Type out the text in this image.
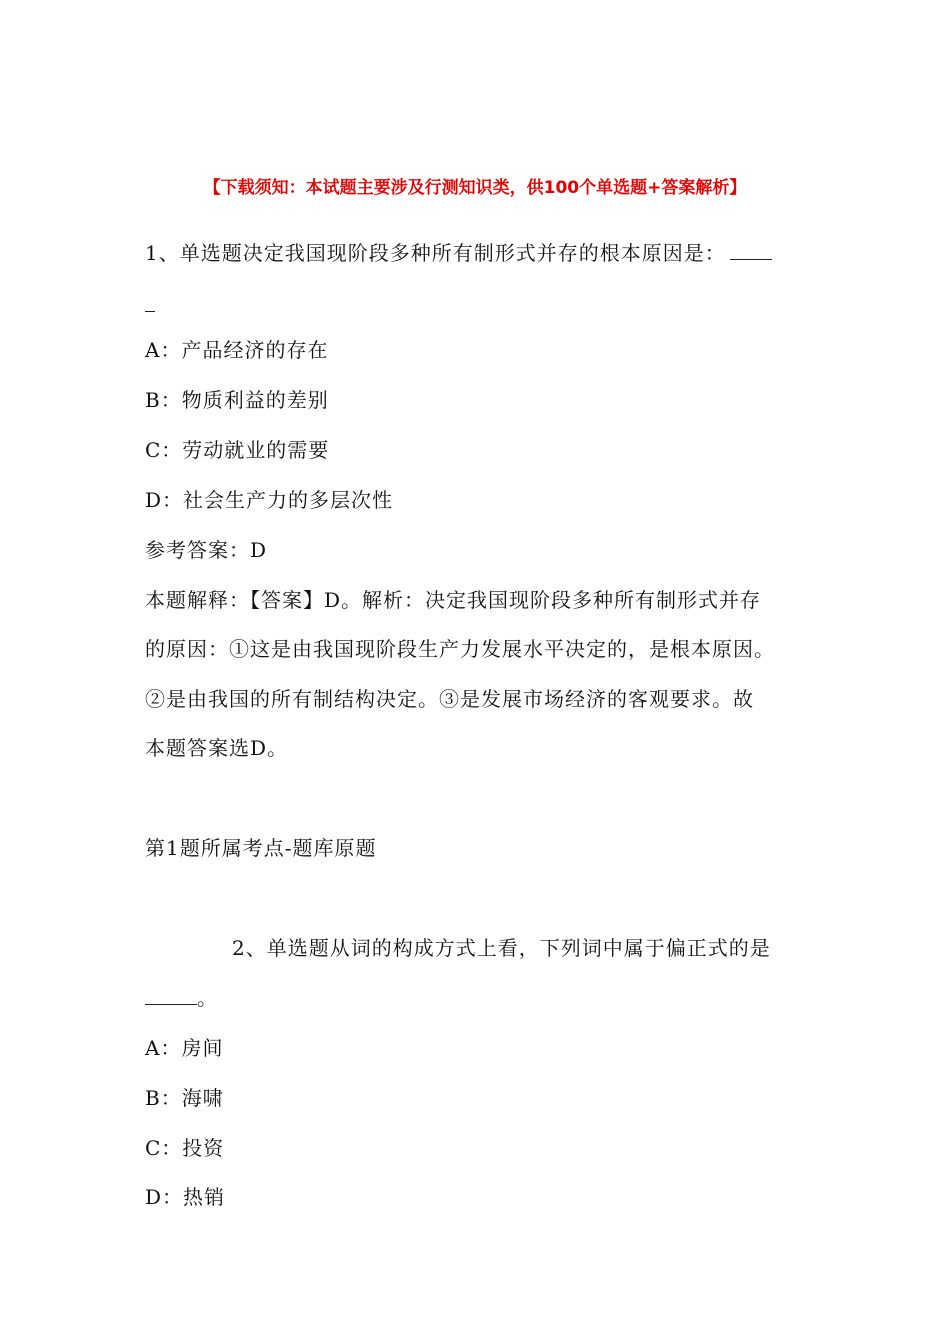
【下载须知：本试题主要涉及行测知识类，供100个单选题+答案解析】
1、单选题决定我国现阶段多种所有制形式并存的根本原因是：
A：产品经济的存在
B：物质利益的差别
C：劳动就业的需要
D：社会生产力的多层次性
参考答案：D
本题解释：【答案】D。解析：决定我国现阶段多种所有制形式并存
的原因：①这是由我国现阶段生产力发展水平决定的，是根本原因。
②是由我国的所有制结构决定。③是发展市场经济的客观要求。故
本题答案选D。
第1题所属考点-题库原题
2、单选题从词的构成方式上看，下列词中属于偏正式的是
。
A：房间
B：海啸
C：投资
D：热销
